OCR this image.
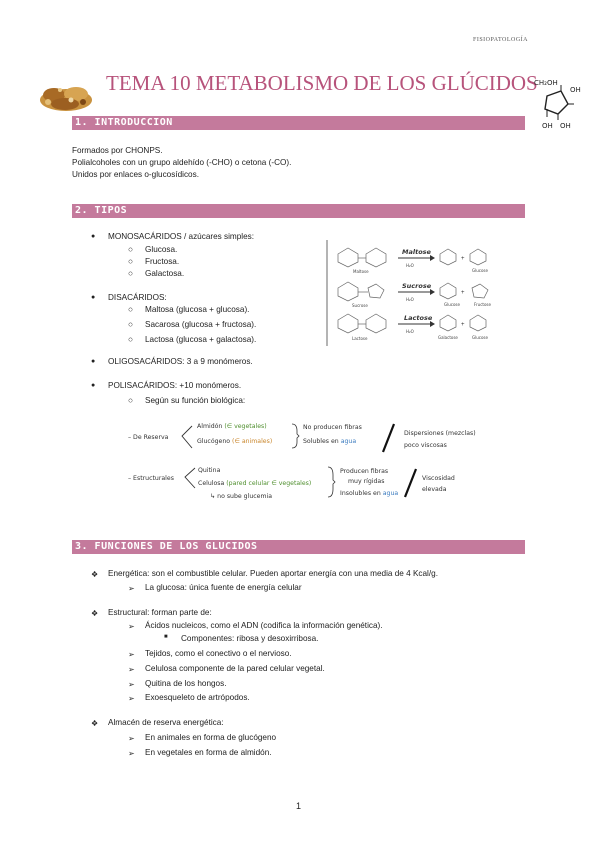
FISIOPATOLOGÍA
TEMA 10 METABOLISMO DE LOS GLÚCIDOS
CH₂OH
OH
OH OH
1. INTRODUCCION
Formados por CHONPS.
Polialcoholes con un grupo aldehído (-CHO) o cetona (-CO).
Unidos por enlaces o-glucosídicos.
2. TIPOS
● MONOSACÁRIDOS / azúcares simples:
○ Glucosa.
○ Fructosa.
○ Galactosa.
● DISACÁRIDOS:
○ Maltosa (glucosa + glucosa).
○ Sacarosa (glucosa + fructosa).
○ Lactosa (glucosa + galactosa).
● OLIGOSACÁRIDOS: 3 a 9 monómeros.
● POLISACÁRIDOS: +10 monómeros.
○ Según su función biológica:
Maltose
Maltose
H₂O
+
Glucose
Sucrose
Sucrose
H₂O
+
Glucose	Fructose
Lactose
Lactose
H₂O
+
Galactose	Glucose
– De Reserva
Almidón (∈ vegetales)
Glucógeno (∈ animales)
No producen fibras
Solubles en agua
Dispersiones (mezclas)
poco viscosas
– Estructurales
Quitina
Celulosa (pared celular ∈ vegetales)
↳ no sube glucemia
Producen fibras
muy rígidas
Insolubles en agua
Viscosidad
elevada
3. FUNCIONES DE LOS GLUCIDOS
❖ Energética: son el combustible celular. Pueden aportar energía con una media de 4 Kcal/g.
➢ La glucosa: única fuente de energía celular
❖ Estructural: forman parte de:
➢ Ácidos nucleicos, como el ADN (codifica la información genética).
■ Componentes: ribosa y desoxirribosa.
➢ Tejidos, como el conectivo o el nervioso.
➢ Celulosa componente de la pared celular vegetal.
➢ Quitina de los hongos.
➢ Exoesqueleto de artrópodos.
❖ Almacén de reserva energética:
➢ En animales en forma de glucógeno
➢ En vegetales en forma de almidón.
1
